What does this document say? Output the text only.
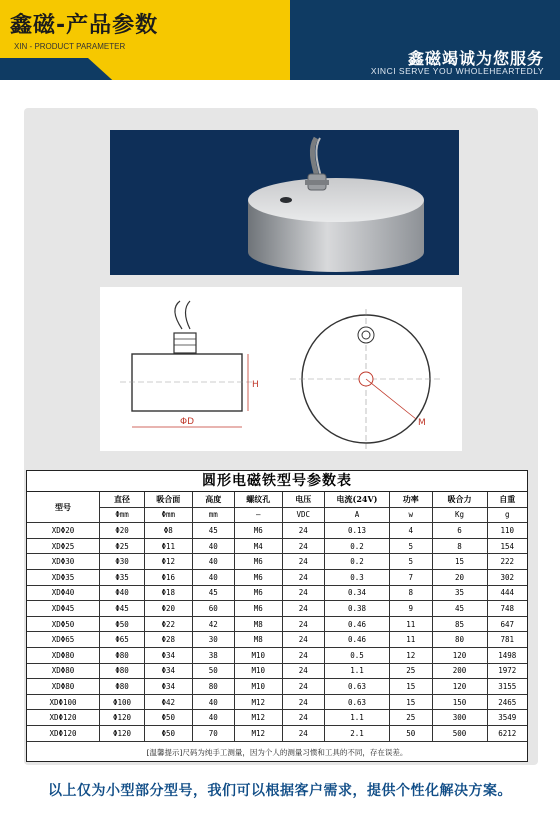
鑫磁-产品参数
XIN - PRODUCT PARAMETER
鑫磁竭诚为您服务
XINCI SERVE YOU WHOLEHEARTEDLY
ΦD
H
M
圆形电磁铁型号参数表
型号	直径	吸合面	高度	螺纹孔	电压	电流(24V)	功率	吸合力	自重
	Φmm	Φmm	mm	—	VDC	A	w	Kg	g
XDΦ20	Φ20	Φ8	45	M6	24	0.13	4	6	110
XDΦ25	Φ25	Φ11	40	M4	24	0.2	5	8	154
XDΦ30	Φ30	Φ12	40	M6	24	0.2	5	15	222
XDΦ35	Φ35	Φ16	40	M6	24	0.3	7	20	302
XDΦ40	Φ40	Φ18	45	M6	24	0.34	8	35	444
XDΦ45	Φ45	Φ20	60	M6	24	0.38	9	45	748
XDΦ50	Φ50	Φ22	42	M8	24	0.46	11	85	647
XDΦ65	Φ65	Φ28	30	M8	24	0.46	11	80	781
XDΦ80	Φ80	Φ34	38	M10	24	0.5	12	120	1498
XDΦ80	Φ80	Φ34	50	M10	24	1.1	25	200	1972
XDΦ80	Φ80	Φ34	80	M10	24	0.63	15	120	3155
XDΦ100	Φ100	Φ42	40	M12	24	0.63	15	150	2465
XDΦ120	Φ120	Φ50	40	M12	24	1.1	25	300	3549
XDΦ120	Φ120	Φ50	70	M12	24	2.1	50	500	6212
[温馨提示]尺码为纯手工测量，因为个人的测量习惯和工具的不同，存在误差。
以上仅为小型部分型号，我们可以根据客户需求，提供个性化解决方案。
